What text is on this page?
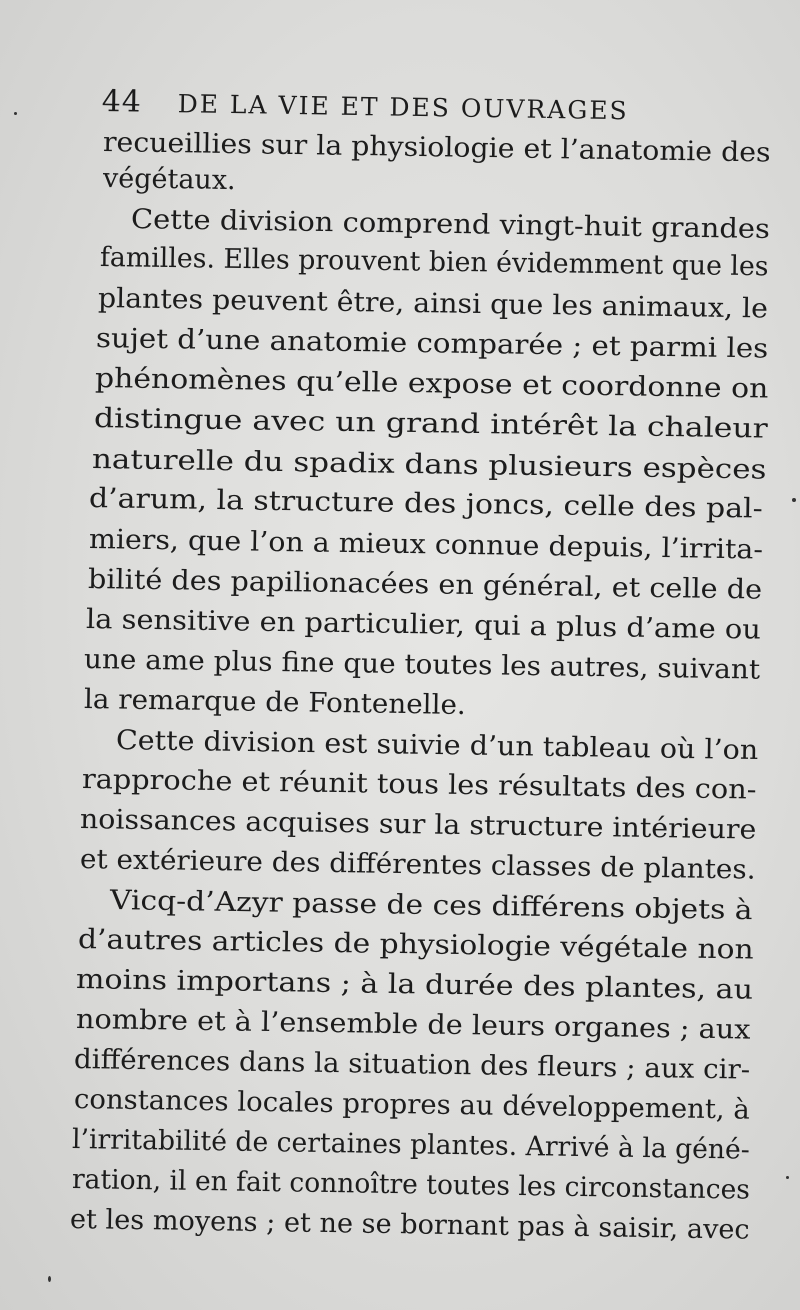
44 DE LA VIE ET DES OUVRAGES
recueillies sur la physiologie et l’anatomie des
végétaux.
Cette division comprend vingt-huit grandes
familles. Elles prouvent bien évidemment que les
plantes peuvent être, ainsi que les animaux, le
sujet d’une anatomie comparée ; et parmi les
phénomènes qu’elle expose et coordonne on
distingue avec un grand intérêt la chaleur
naturelle du spadix dans plusieurs espèces
d’arum, la structure des joncs, celle des pal-
miers, que l’on a mieux connue depuis, l’irrita-
bilité des papilionacées en général, et celle de
la sensitive en particulier, qui a plus d’ame ou
une ame plus fine que toutes les autres, suivant
la remarque de Fontenelle.
Cette division est suivie d’un tableau où l’on
rapproche et réunit tous les résultats des con-
noissances acquises sur la structure intérieure
et extérieure des différentes classes de plantes.
Vicq-d’Azyr passe de ces différens objets à
d’autres articles de physiologie végétale non
moins importans ; à la durée des plantes, au
nombre et à l’ensemble de leurs organes ; aux
différences dans la situation des fleurs ; aux cir-
constances locales propres au développement, à
l’irritabilité de certaines plantes. Arrivé à la géné-
ration, il en fait connoître toutes les circonstances
et les moyens ; et ne se bornant pas à saisir, avec
